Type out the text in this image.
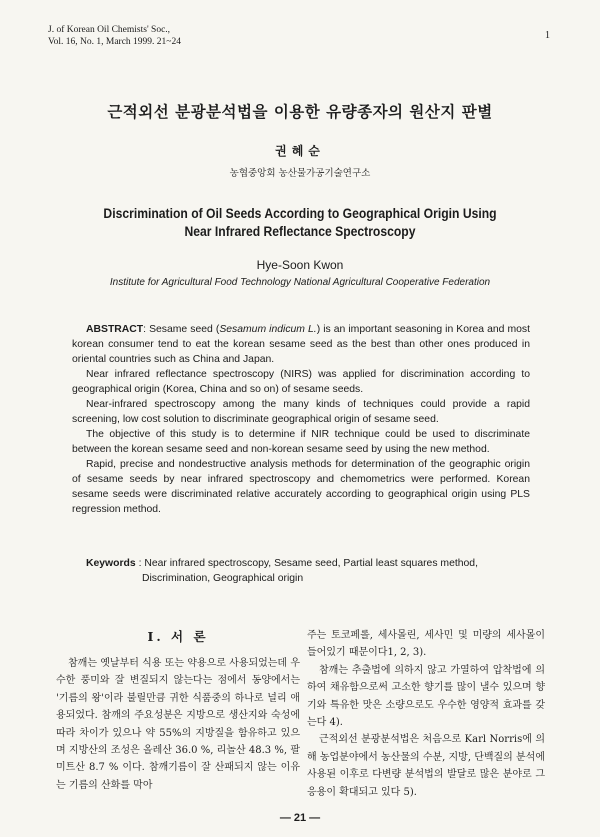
J. of Korean Oil Chemists' Soc.,
Vol. 16, No. 1, March 1999. 21~24
1
근적외선 분광분석법을 이용한 유량종자의 원산지 판별
권혜순
농협중앙회 농산물가공기술연구소
Discrimination of Oil Seeds According to Geographical Origin Using
Near Infrared Reflectance Spectroscopy
Hye-Soon Kwon
Institute for Agricultural Food Technology National Agricultural Cooperative Federation

ABSTRACT: Sesame seed (Sesamum indicum L.) is an important seasoning in Korea and most korean consumer tend to eat the korean sesame seed as the best than other ones produced in oriental countries such as China and Japan.

Near infrared reflectance spectroscopy (NIRS) was applied for discrimination according to geographical origin (Korea, China and so on) of sesame seeds.

Near-infrared spectroscopy among the many kinds of techniques could provide a rapid screening, low cost solution to discriminate geographical origin of sesame seed.

The objective of this study is to determine if NIR technique could be used to discriminate between the korean sesame seed and non-korean sesame seed by using the new method.

Rapid, precise and nondestructive analysis methods for determination of the geographic origin of sesame seeds by near infrared spectroscopy and chemometrics were performed. Korean sesame seeds were discriminated relative accurately according to geographical origin using PLS regression method.

Keywords : Near infrared spectroscopy, Sesame seed, Partial least squares method,
Discrimination, Geographical origin
I. 서 론

참깨는 옛날부터 식용 또는 약용으로 사용되었는데 우수한 풍미와 잘 변질되지 않는다는 점에서 동양에서는 '기름의 왕'이라 불릴만큼 귀한 식품중의 하나로 널리 애용되었다. 참깨의 주요성분은 지방으로 생산지와 숙성에 따라 차이가 있으나 약 55%의 지방질을 함유하고 있으며 지방산의 조성은 올레산 36.0 %, 리놀산 48.3 %, 팔미트산 8.7 % 이다. 참깨기름이 잘 산패되지 않는 이유는 기름의 산화를 막아

주는 토코페롤, 세사몰린, 세사민 및 미량의 세사몰이 들어있기 때문이다1, 2, 3).

참깨는 추출법에 의하지 않고 가열하여 압착법에 의하여 채유함으로써 고소한 향기를 많이 낼수 있으며 향기와 특유한 맛은 소량으로도 우수한 영양적 효과를 갖는다 4).

근적외선 분광분석법은 처음으로 Karl Norris에 의해 농업분야에서 농산물의 수분, 지방, 단백질의 분석에 사용된 이후로 다변량 분석법의 발달로 많은 분야로 그 응용이 확대되고 있다 5).

— 21 —
